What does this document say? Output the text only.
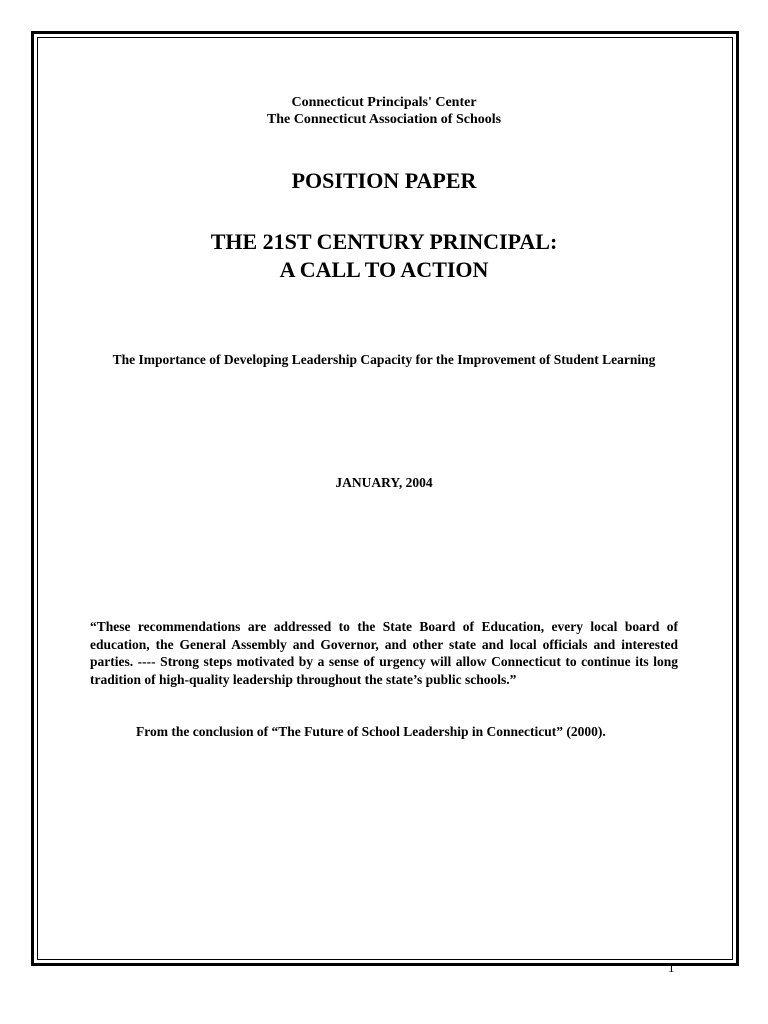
Connecticut Principals' Center
The Connecticut Association of Schools
POSITION PAPER
THE 21ST CENTURY PRINCIPAL:
A CALL TO ACTION
The Importance of Developing Leadership Capacity for the Improvement of Student Learning
JANUARY, 2004
“These recommendations are addressed to the State Board of Education, every local board of education, the General Assembly and Governor, and other state and local officials and interested parties. ---- Strong steps motivated by a sense of urgency will allow Connecticut to continue its long tradition of high-quality leadership throughout the state’s public schools.”
From the conclusion of “The Future of School Leadership in Connecticut” (2000).
1
